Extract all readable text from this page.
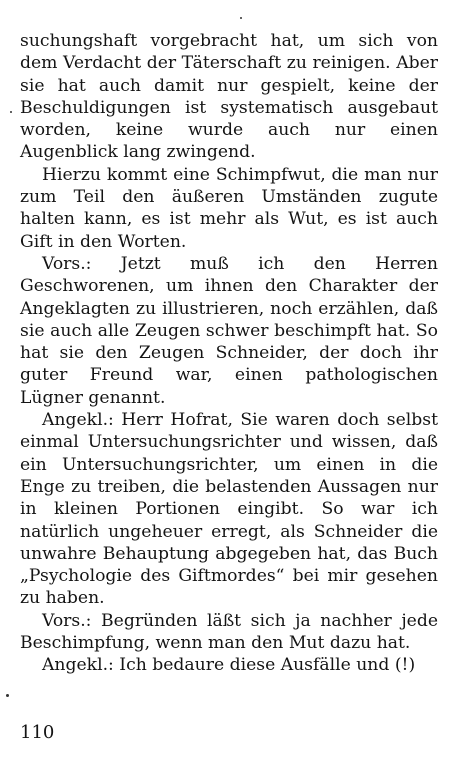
suchungshaft vorgebracht hat, um sich von dem Verdacht der Täterschaft zu reinigen. Aber sie hat auch damit nur gespielt, keine der Beschuldigungen ist systematisch ausgebaut worden, keine wurde auch nur einen Augenblick lang zwingend.

Hierzu kommt eine Schimpfwut, die man nur zum Teil den äußeren Umständen zugute halten kann, es ist mehr als Wut, es ist auch Gift in den Worten.

Vors.: Jetzt muß ich den Herren Geschworenen, um ihnen den Charakter der Angeklagten zu illustrieren, noch erzählen, daß sie auch alle Zeugen schwer beschimpft hat. So hat sie den Zeugen Schneider, der doch ihr guter Freund war, einen pathologischen Lügner genannt.

Angekl.: Herr Hofrat, Sie waren doch selbst einmal Untersuchungsrichter und wissen, daß ein Untersuchungsrichter, um einen in die Enge zu treiben, die belastenden Aussagen nur in kleinen Portionen eingibt. So war ich natürlich ungeheuer erregt, als Schneider die unwahre Behauptung abgegeben hat, das Buch „Psychologie des Giftmordes“ bei mir gesehen zu haben.

Vors.: Begründen läßt sich ja nachher jede Beschimpfung, wenn man den Mut dazu hat.

Angekl.: Ich bedaure diese Ausfälle und (!)

110
